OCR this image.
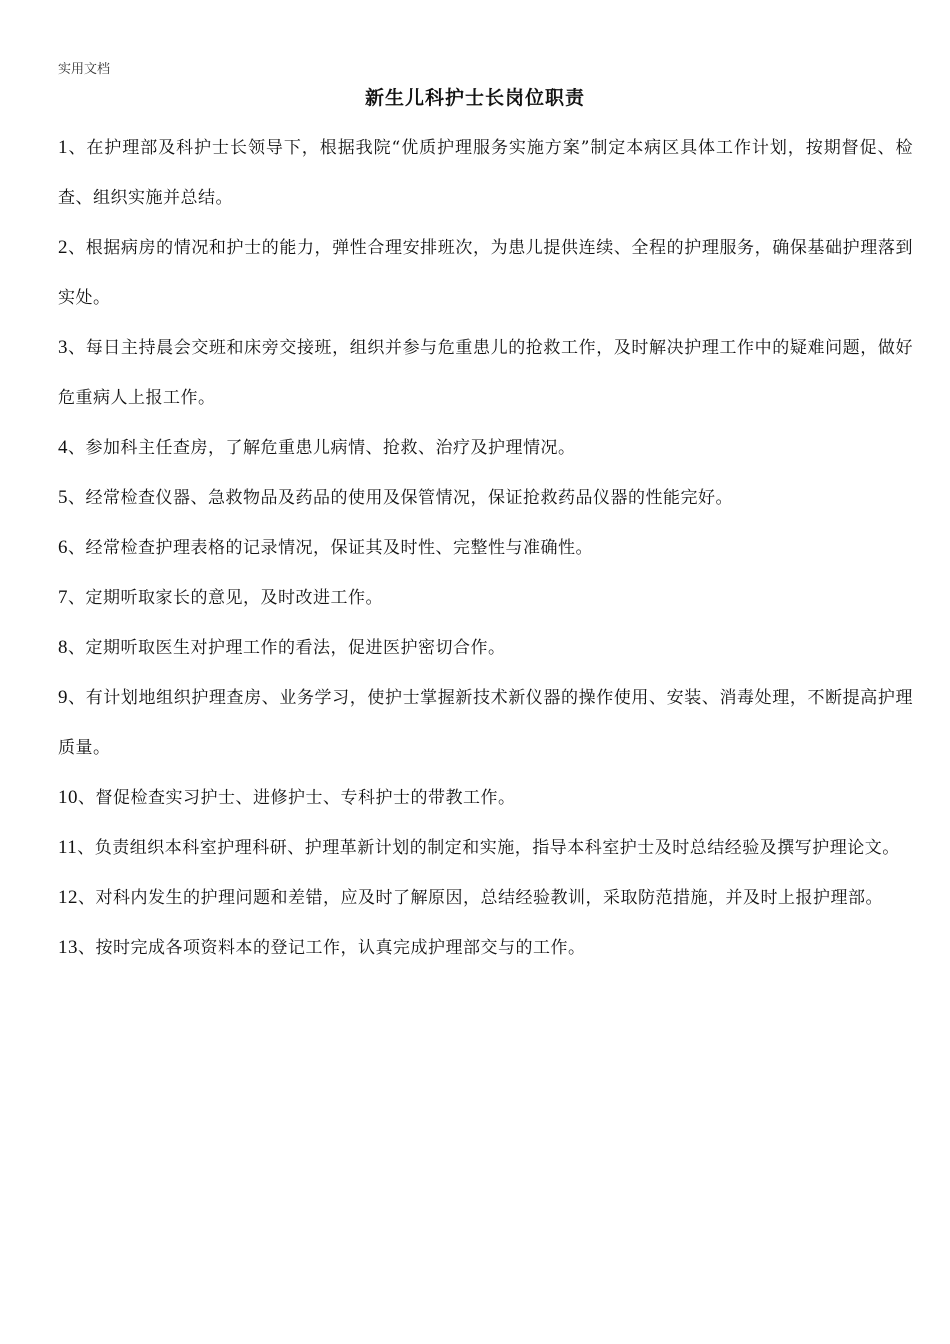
实用文档
新生儿科护士长岗位职责
1、在护理部及科护士长领导下，根据我院“优质护理服务实施方案”制定本病区具体工作计划，按期督促、检查、组织实施并总结。
2、根据病房的情况和护士的能力，弹性合理安排班次，为患儿提供连续、全程的护理服务，确保基础护理落到实处。
3、每日主持晨会交班和床旁交接班，组织并参与危重患儿的抢救工作，及时解决护理工作中的疑难问题，做好危重病人上报工作。
4、参加科主任查房，了解危重患儿病情、抢救、治疗及护理情况。
5、经常检查仪器、急救物品及药品的使用及保管情况，保证抢救药品仪器的性能完好。
6、经常检查护理表格的记录情况，保证其及时性、完整性与准确性。
7、定期听取家长的意见，及时改进工作。
8、定期听取医生对护理工作的看法，促进医护密切合作。
9、有计划地组织护理查房、业务学习，使护士掌握新技术新仪器的操作使用、安装、消毒处理，不断提高护理质量。
10、督促检查实习护士、进修护士、专科护士的带教工作。
11、负责组织本科室护理科研、护理革新计划的制定和实施，指导本科室护士及时总结经验及撰写护理论文。
12、对科内发生的护理问题和差错，应及时了解原因，总结经验教训，采取防范措施，并及时上报护理部。
13、按时完成各项资料本的登记工作，认真完成护理部交与的工作。
